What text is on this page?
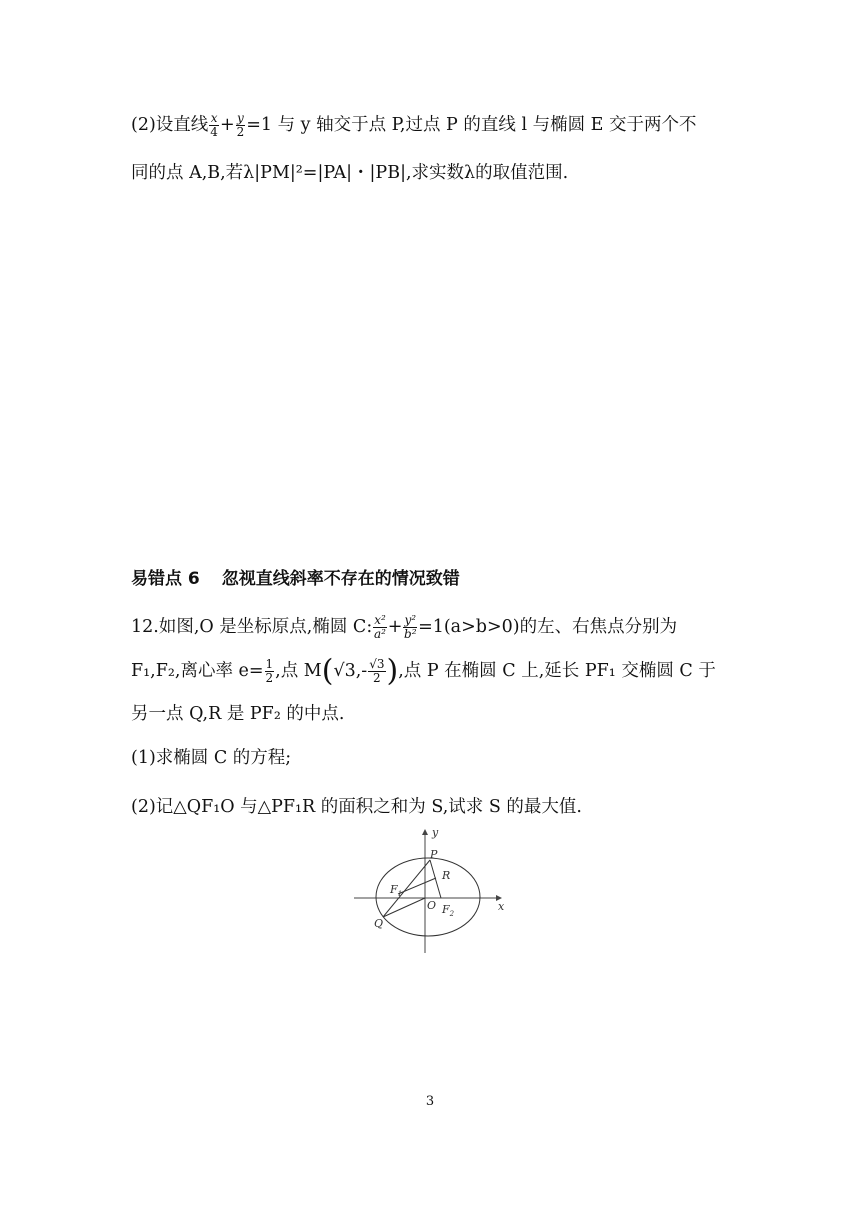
(2)设直线 $\frac{x}{4} + \frac{y}{2} =1$ 与 y 轴交于点 P,过点 P 的直线 l 与椭圆 E 交于两个不
同的点 A,B,若λ|PM|²=|PA|・|PB|,求实数λ的取值范围.
易错点 6 忽视直线斜率不存在的情况致错
12.如图,O 是坐标原点,椭圆 C: $\frac{\text{x²}}{\text{a²}}+ \frac{\text{y²}}{\text{b²}}=1(a>b>0)$的左、右焦点分别为
F₁,F₂,离心率 $e= \frac{1}{2}$ ,点 $M(√3,- \frac{√3}{2}$ ),点 P 在椭圆 C 上,延长 PF₁ 交椭圆 C 于
另一点 Q,R 是 PF₂ 的中点.
(1)求椭圆 C 的方程;
(2)记△QF₁O 与△PF₁R 的面积之和为 S,试求 S 的最大值.
y
x
P
R
$F_1$
O $F_2$
Q
3
